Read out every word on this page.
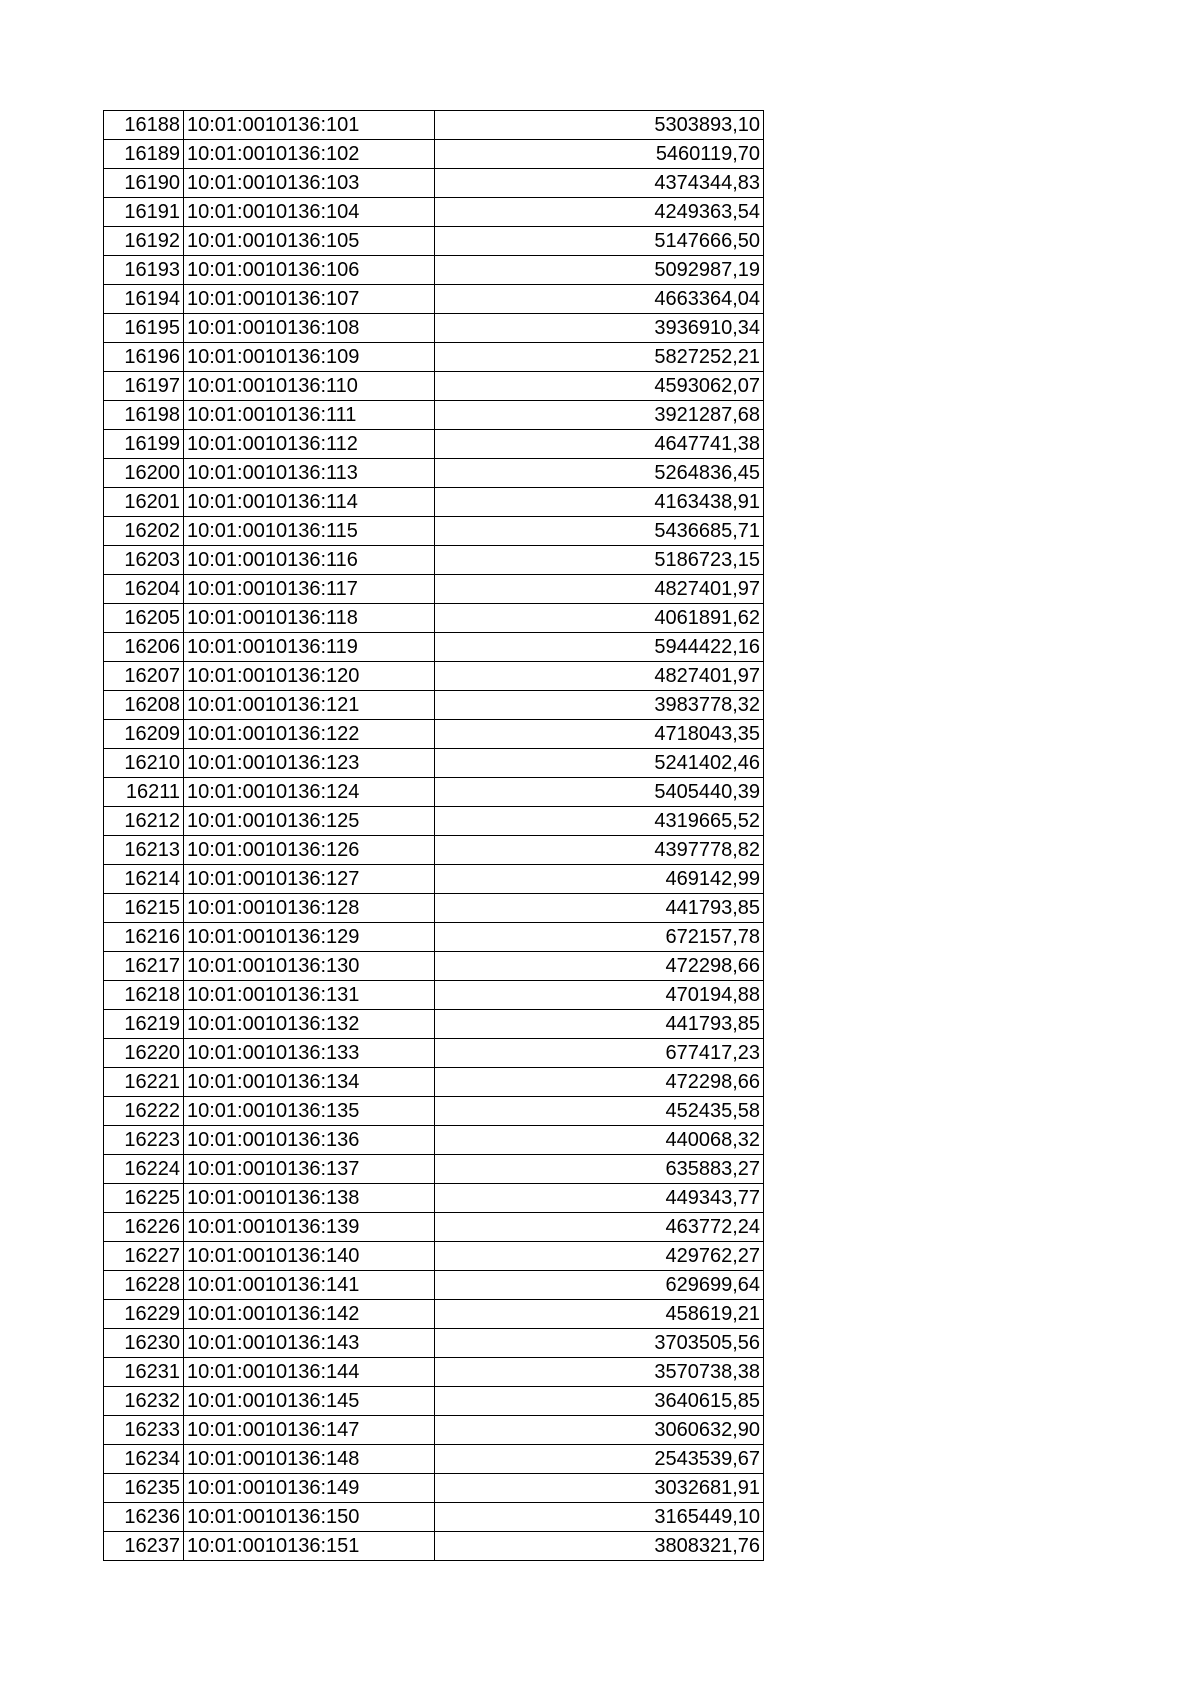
16188	10:01:0010136:101	5303893,10
16189	10:01:0010136:102	5460119,70
16190	10:01:0010136:103	4374344,83
16191	10:01:0010136:104	4249363,54
16192	10:01:0010136:105	5147666,50
16193	10:01:0010136:106	5092987,19
16194	10:01:0010136:107	4663364,04
16195	10:01:0010136:108	3936910,34
16196	10:01:0010136:109	5827252,21
16197	10:01:0010136:110	4593062,07
16198	10:01:0010136:111	3921287,68
16199	10:01:0010136:112	4647741,38
16200	10:01:0010136:113	5264836,45
16201	10:01:0010136:114	4163438,91
16202	10:01:0010136:115	5436685,71
16203	10:01:0010136:116	5186723,15
16204	10:01:0010136:117	4827401,97
16205	10:01:0010136:118	4061891,62
16206	10:01:0010136:119	5944422,16
16207	10:01:0010136:120	4827401,97
16208	10:01:0010136:121	3983778,32
16209	10:01:0010136:122	4718043,35
16210	10:01:0010136:123	5241402,46
16211	10:01:0010136:124	5405440,39
16212	10:01:0010136:125	4319665,52
16213	10:01:0010136:126	4397778,82
16214	10:01:0010136:127	469142,99
16215	10:01:0010136:128	441793,85
16216	10:01:0010136:129	672157,78
16217	10:01:0010136:130	472298,66
16218	10:01:0010136:131	470194,88
16219	10:01:0010136:132	441793,85
16220	10:01:0010136:133	677417,23
16221	10:01:0010136:134	472298,66
16222	10:01:0010136:135	452435,58
16223	10:01:0010136:136	440068,32
16224	10:01:0010136:137	635883,27
16225	10:01:0010136:138	449343,77
16226	10:01:0010136:139	463772,24
16227	10:01:0010136:140	429762,27
16228	10:01:0010136:141	629699,64
16229	10:01:0010136:142	458619,21
16230	10:01:0010136:143	3703505,56
16231	10:01:0010136:144	3570738,38
16232	10:01:0010136:145	3640615,85
16233	10:01:0010136:147	3060632,90
16234	10:01:0010136:148	2543539,67
16235	10:01:0010136:149	3032681,91
16236	10:01:0010136:150	3165449,10
16237	10:01:0010136:151	3808321,76
